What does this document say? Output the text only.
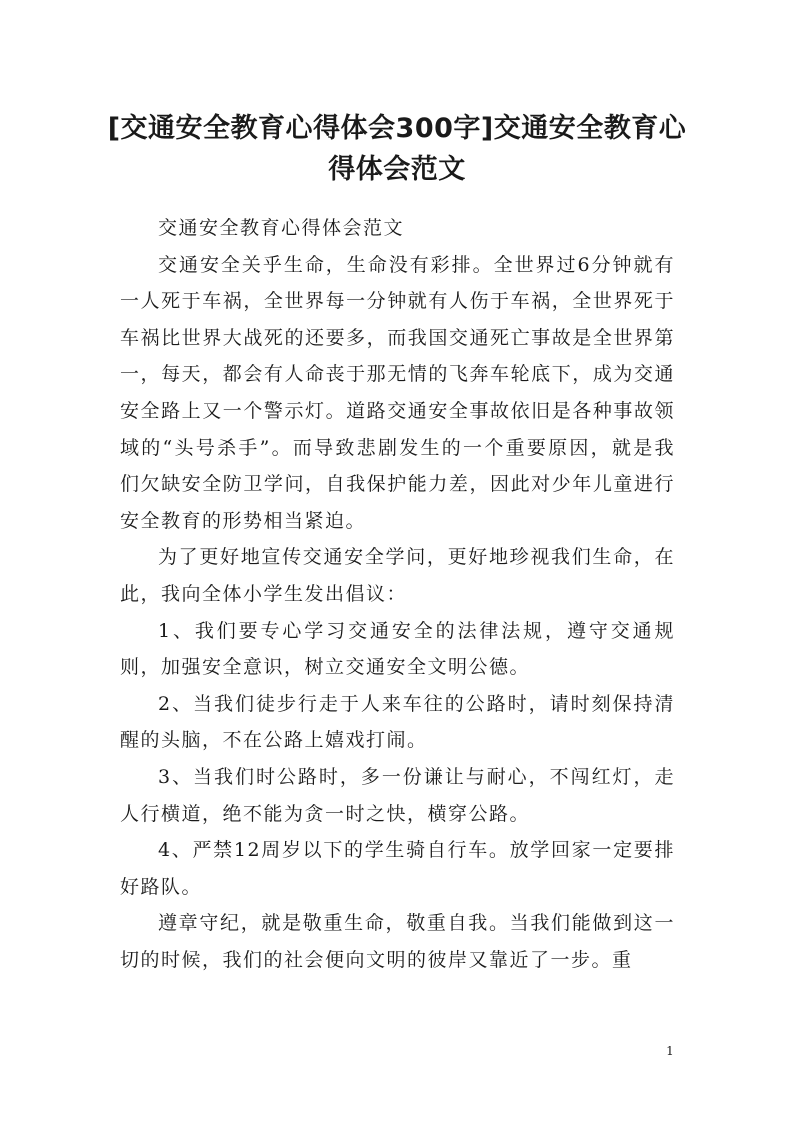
[交通安全教育心得体会300字]交通安全教育心得体会范文

交通安全教育心得体会范文

交通安全关乎生命，生命没有彩排。全世界过6分钟就有一人死于车祸，全世界每一分钟就有人伤于车祸，全世界死于车祸比世界大战死的还要多，而我国交通死亡事故是全世界第一，每天，都会有人命丧于那无情的飞奔车轮底下，成为交通安全路上又一个警示灯。道路交通安全事故依旧是各种事故领域的“头号杀手”。而导致悲剧发生的一个重要原因，就是我们欠缺安全防卫学问，自我保护能力差，因此对少年儿童进行安全教育的形势相当紧迫。

为了更好地宣传交通安全学问，更好地珍视我们生命，在此，我向全体小学生发出倡议：

1、我们要专心学习交通安全的法律法规，遵守交通规则，加强安全意识，树立交通安全文明公德。

2、当我们徒步行走于人来车往的公路时，请时刻保持清醒的头脑，不在公路上嬉戏打闹。

3、当我们时公路时，多一份谦让与耐心，不闯红灯，走人行横道，绝不能为贪一时之快，横穿公路。

4、严禁12周岁以下的学生骑自行车。放学回家一定要排好路队。

遵章守纪，就是敬重生命，敬重自我。当我们能做到这一切的时候，我们的社会便向文明的彼岸又靠近了一步。重

1
